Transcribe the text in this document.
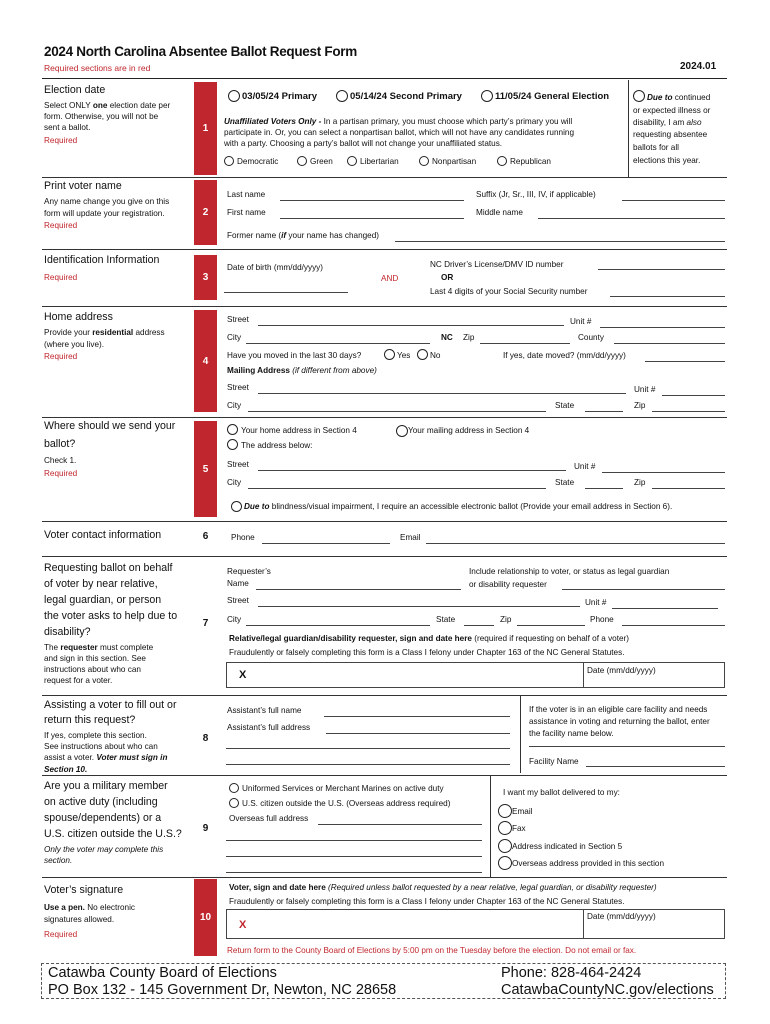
2024 North Carolina Absentee Ballot Request Form
Required sections are in red	2024.01
Election date
Select ONLY one election date per
form. Otherwise, you will not be
sent a ballot.
Required
1
03/05/24 Primary	05/14/24 Second Primary	11/05/24 General Election
Unaffiliated Voters Only - In a partisan primary, you must choose which party’s primary you will
participate in. Or, you can select a nonpartisan ballot, which will not have any candidates running
with a party. Choosing a party’s ballot will not change your unaffiliated status.
Democratic	Green	Libertarian	Nonpartisan	Republican
Due to continued
or expected illness or
disability, I am also
requesting absentee
ballots for all
elections this year.
Print voter name
Any name change you give on this
form will update your registration.
Required
2
Last name	Suffix (Jr, Sr., III, IV, if applicable)
First name	Middle name
Former name (if your name has changed)
Identification Information
Required	3
Date of birth (mm/dd/yyyy)
AND
NC Driver’s License/DMV ID number
OR
Last 4 digits of your Social Security number
Home address
Provide your residential address
(where you live).
Required	4
Street	Unit #
City	NC Zip	County
Have you moved in the last 30 days?	Yes No	If yes, date moved? (mm/dd/yyyy)
Mailing Address (if different from above)
Street	Unit #
City	State	Zip
Where should we send your
ballot?
Check 1.
Required	5
Your home address in Section 4	Your mailing address in Section 4
The address below:
Street	Unit #
City	State	Zip
Due to blindness/visual impairment, I require an accessible electronic ballot (Provide your email address in Section 6).
Voter contact information	6	Phone	Email
Requesting ballot on behalf
of voter by near relative,
legal guardian, or person
the voter asks to help due to
disability?
The requester must complete
and sign in this section. See
instructions about who can
request for a voter.
7
Requester’s
Name
Include relationship to voter, or status as legal guardian
or disability requester
Street	Unit #
City	State	Zip	Phone
Relative/legal guardian/disability requester, sign and date here (required if requesting on behalf of a voter)
Fraudulently or falsely completing this form is a Class I felony under Chapter 163 of the NC General Statutes.
X	Date (mm/dd/yyyy)
Assisting a voter to fill out or
return this request?
If yes, complete this section.
See instructions about who can
assist a voter. Voter must sign in
Section 10.
8
Assistant’s full name
Assistant’s full address
If the voter is in an eligible care facility and needs
assistance in voting and returning the ballot, enter
the facility name below.
Facility Name
Are you a military member
on active duty (including
spouse/dependents) or a
U.S. citizen outside the U.S.?
Only the voter may complete this
section.
9
Uniformed Services or Merchant Marines on active duty
U.S. citizen outside the U.S. (Overseas address required)
Overseas full address
I want my ballot delivered to my:
Email
Fax
Address indicated in Section 5
Overseas address provided in this section
Voter’s signature
Use a pen. No electronic
signatures allowed.
Required
10
Voter, sign and date here (Required unless ballot requested by a near relative, legal guardian, or disability requester)
Fraudulently or falsely completing this form is a Class I felony under Chapter 163 of the NC General Statutes.
X
Date (mm/dd/yyyy)
Return form to the County Board of Elections by 5:00 pm on the Tuesday before the election. Do not email or fax.
Catawba County Board of Elections
PO Box 132 - 145 Government Dr, Newton, NC 28658
Phone: 828-464-2424
CatawbaCountyNC.gov/elections
